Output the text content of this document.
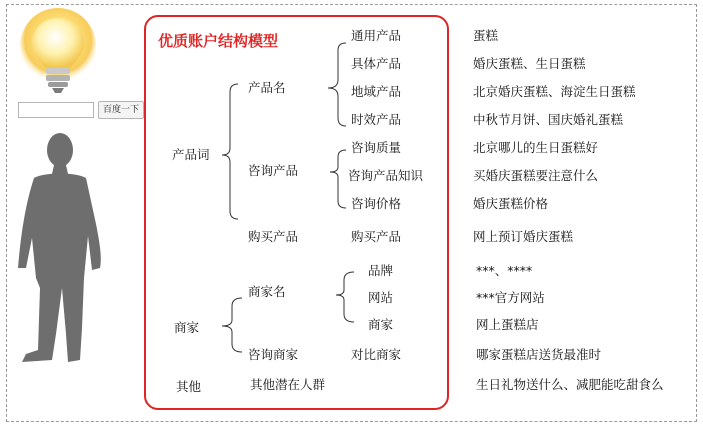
百度一下
优质账户结构模型
产品词
商家
其他
产品名
咨询产品
购买产品
商家名
咨询商家
其他潜在人群
通用产品
具体产品
地域产品
时效产品
咨询质量
咨询产品知识
咨询价格
购买产品
品牌
网站
商家
对比商家
蛋糕
婚庆蛋糕、生日蛋糕
北京婚庆蛋糕、海淀生日蛋糕
中秋节月饼、国庆婚礼蛋糕
北京哪儿的生日蛋糕好
买婚庆蛋糕要注意什么
婚庆蛋糕价格
网上预订婚庆蛋糕
***、****
***官方网站
网上蛋糕店
哪家蛋糕店送货最准时
生日礼物送什么、减肥能吃甜食么
